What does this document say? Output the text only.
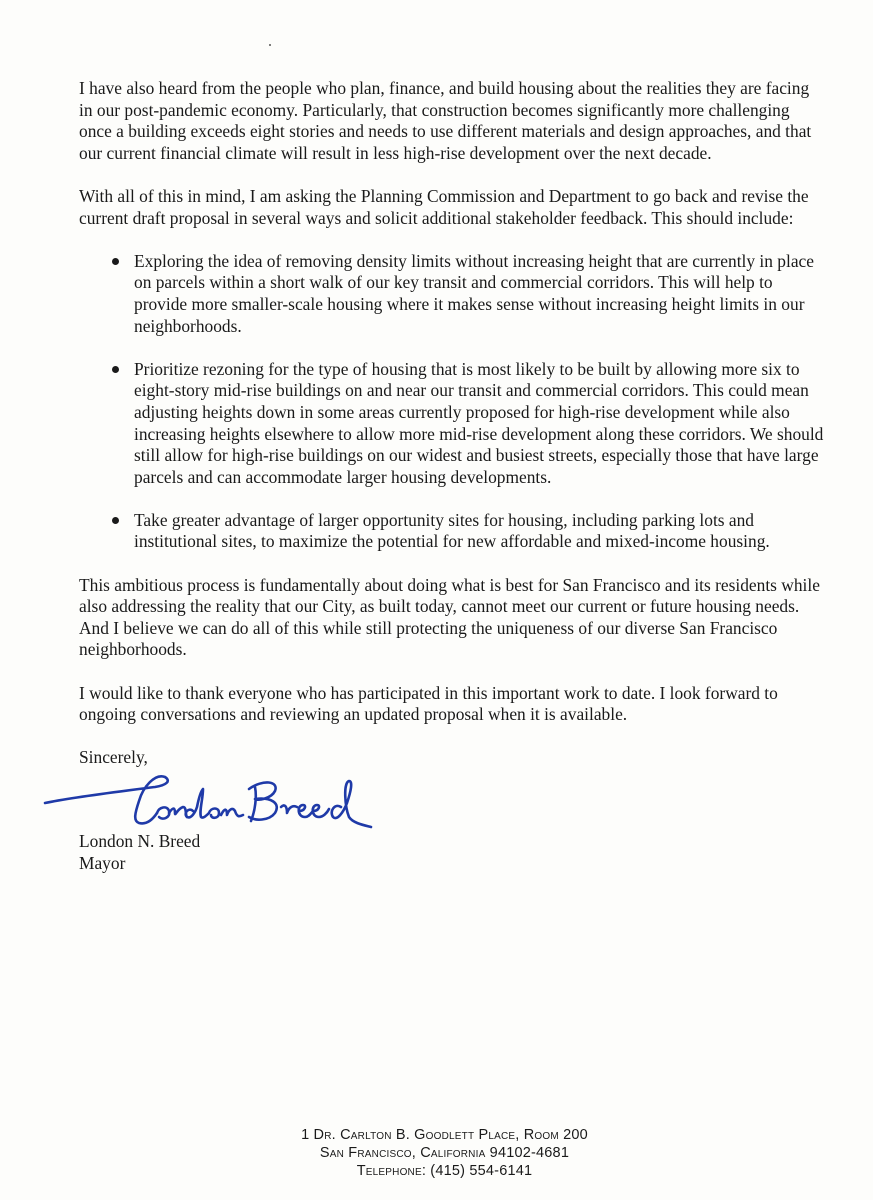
I have also heard from the people who plan, finance, and build housing about the realities they are facing in our post-pandemic economy. Particularly, that construction becomes significantly more challenging once a building exceeds eight stories and needs to use different materials and design approaches, and that our current financial climate will result in less high-rise development over the next decade.

With all of this in mind, I am asking the Planning Commission and Department to go back and revise the current draft proposal in several ways and solicit additional stakeholder feedback. This should include:

Exploring the idea of removing density limits without increasing height that are currently in place on parcels within a short walk of our key transit and commercial corridors. This will help to provide more smaller-scale housing where it makes sense without increasing height limits in our neighborhoods.
Prioritize rezoning for the type of housing that is most likely to be built by allowing more six to eight-story mid-rise buildings on and near our transit and commercial corridors. This could mean adjusting heights down in some areas currently proposed for high-rise development while also increasing heights elsewhere to allow more mid-rise development along these corridors. We should still allow for high-rise buildings on our widest and busiest streets, especially those that have large parcels and can accommodate larger housing developments.
Take greater advantage of larger opportunity sites for housing, including parking lots and institutional sites, to maximize the potential for new affordable and mixed-income housing.

This ambitious process is fundamentally about doing what is best for San Francisco and its residents while also addressing the reality that our City, as built today, cannot meet our current or future housing needs. And I believe we can do all of this while still protecting the uniqueness of our diverse San Francisco neighborhoods.

I would like to thank everyone who has participated in this important work to date. I look forward to ongoing conversations and reviewing an updated proposal when it is available.

Sincerely,

London N. Breed

Mayor

1 Dr. Carlton B. Goodlett Place, Room 200
San Francisco, California 94102-4681
Telephone: (415) 554-6141
